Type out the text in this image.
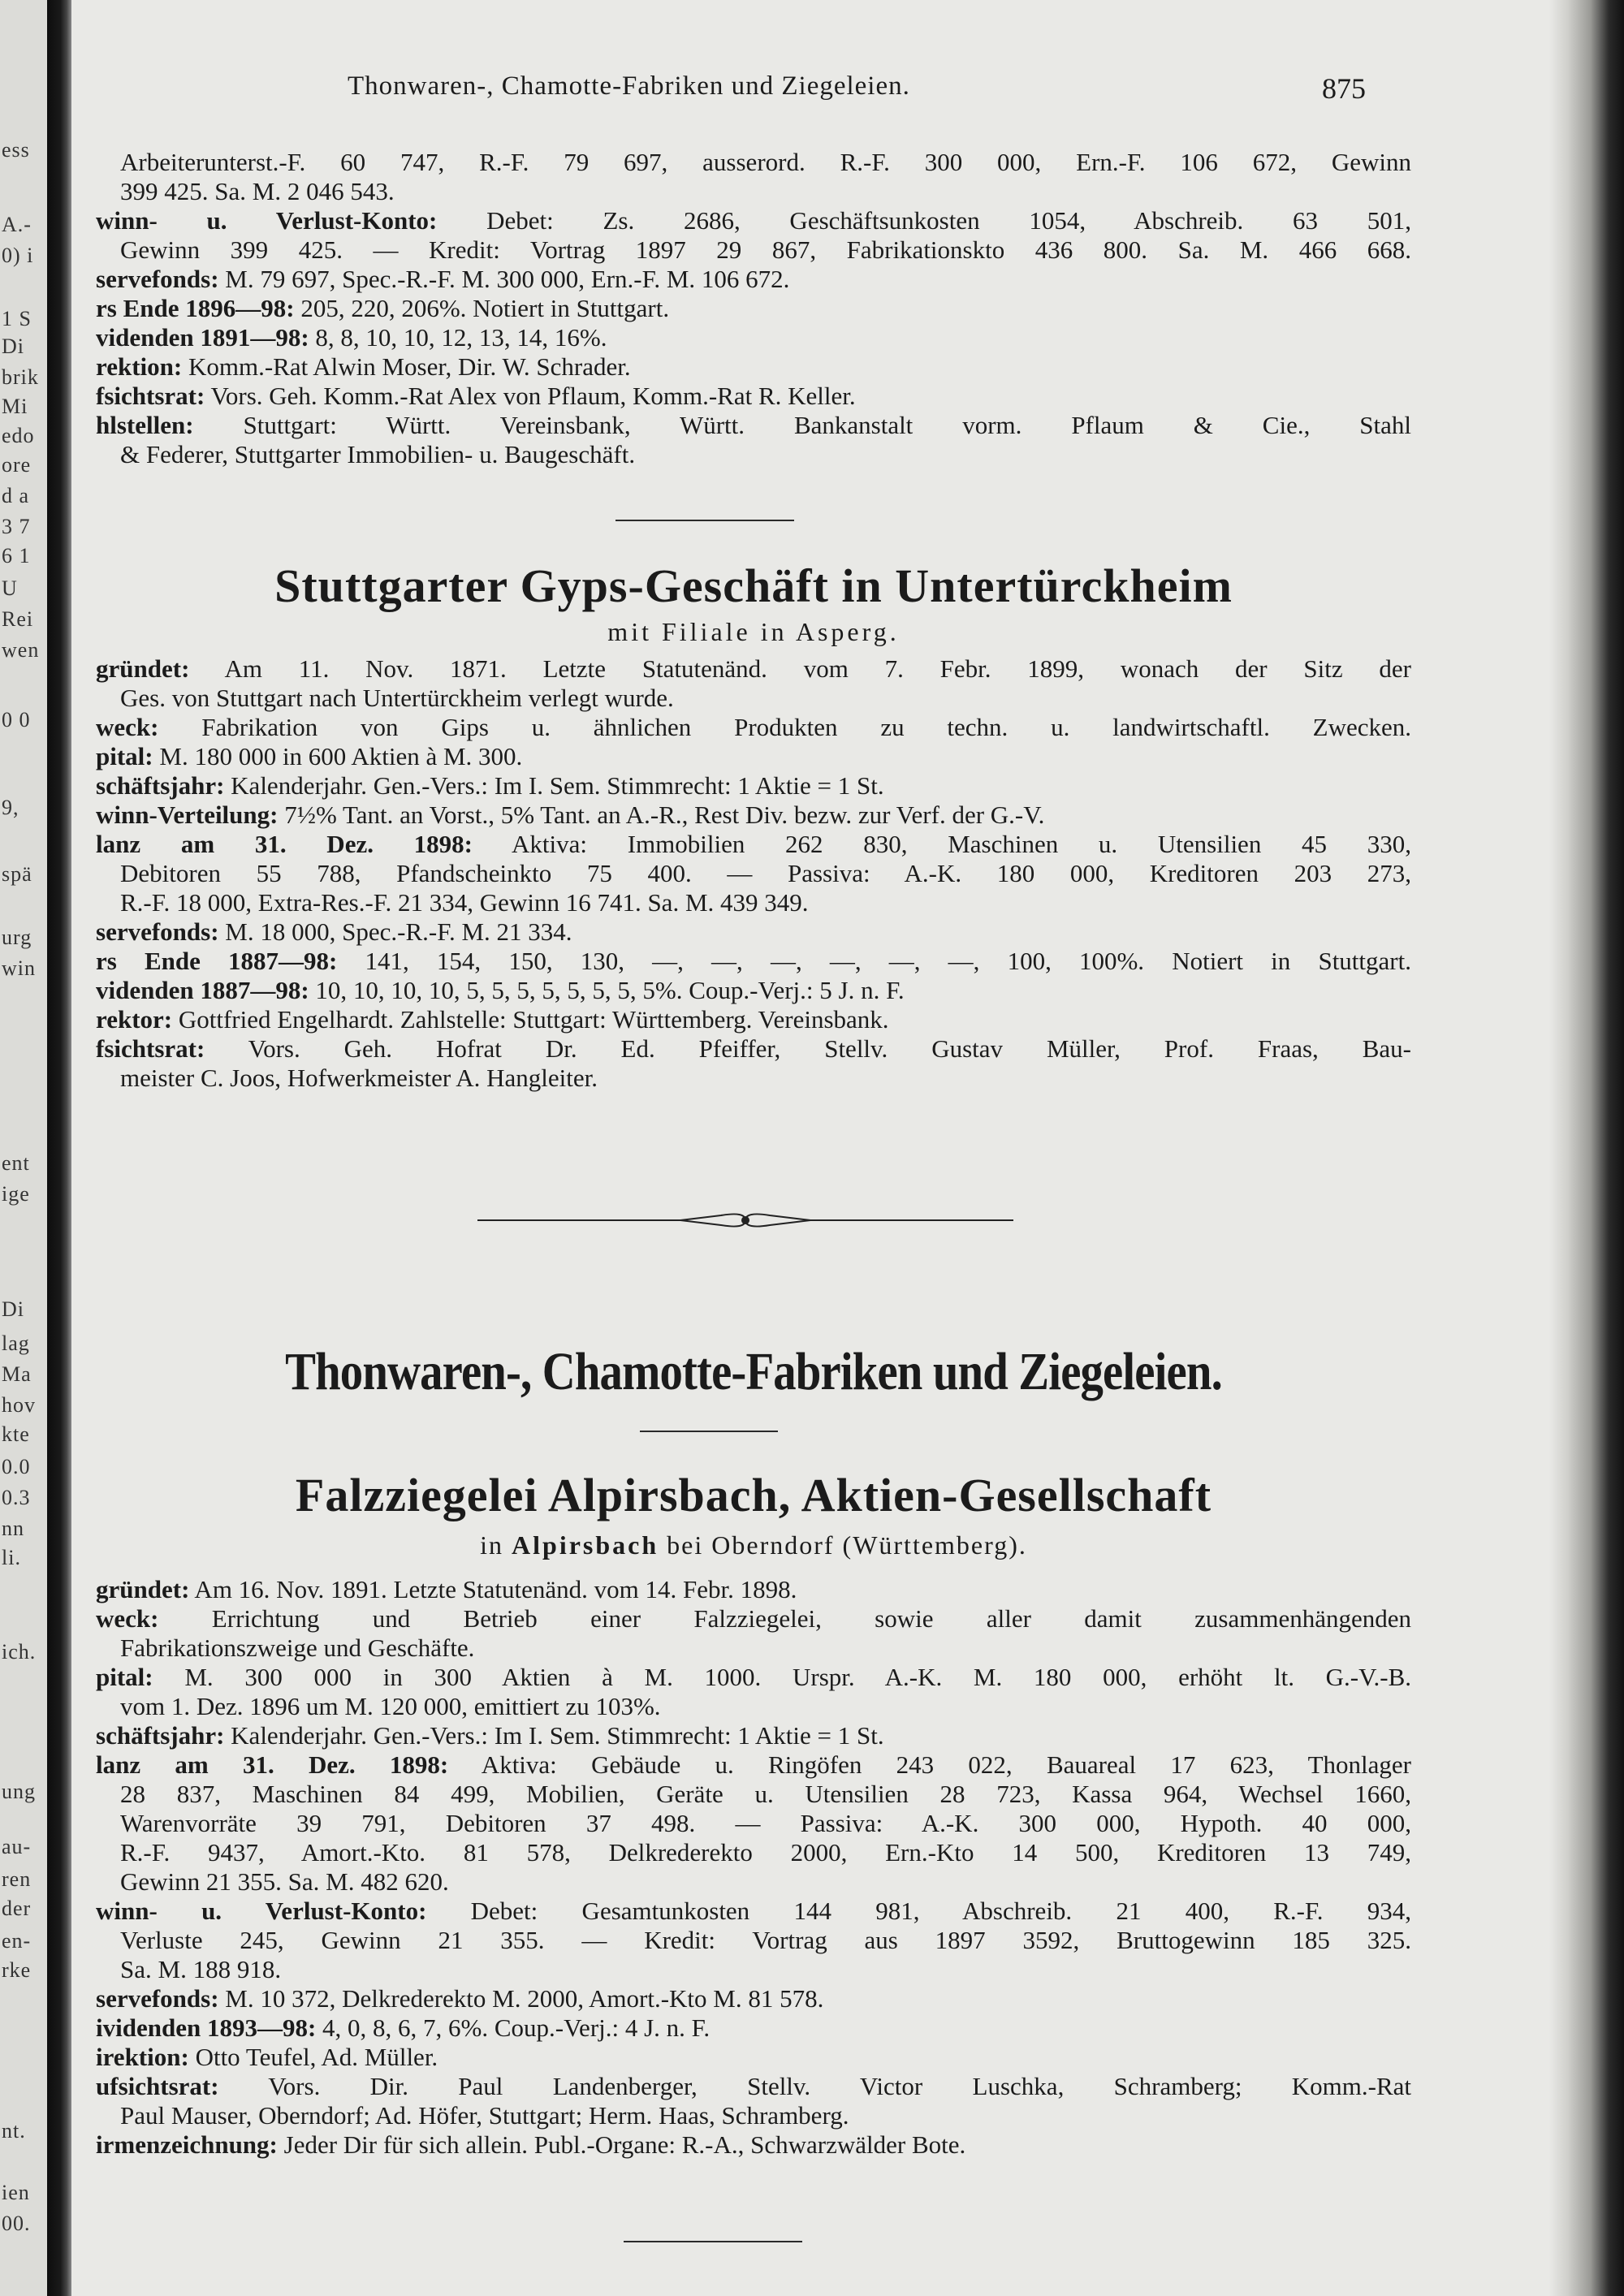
ess
A.-
0) i
1 S
Di
brik
Mi
edo
ore
d a
3 7
6 1
U
Rei
wen
0 0
9,
spä
urg
win
ent
ige
Di
lag
Ma
hov
kte
0.0
0.3
nn
li.
ich.
ung
au-
ren
der
en-
rke
nt.
ien
00.
Thonwaren-, Chamotte-Fabriken und Ziegeleien.	875
Arbeiterunterst.-F. 60 747, R.-F. 79 697, ausserord. R.-F. 300 000, Ern.-F. 106 672, Gewinn
399 425. Sa. M. 2 046 543.
winn- u. Verlust-Konto: Debet: Zs. 2686, Geschäftsunkosten 1054, Abschreib. 63 501,
Gewinn 399 425. — Kredit: Vortrag 1897 29 867, Fabrikationskto 436 800. Sa. M. 466 668.
servefonds: M. 79 697, Spec.-R.-F. M. 300 000, Ern.-F. M. 106 672.
rs Ende 1896—98: 205, 220, 206%. Notiert in Stuttgart.
videnden 1891—98: 8, 8, 10, 10, 12, 13, 14, 16%.
rektion: Komm.-Rat Alwin Moser, Dir. W. Schrader.
fsichtsrat: Vors. Geh. Komm.-Rat Alex von Pflaum, Komm.-Rat R. Keller.
hlstellen: Stuttgart: Württ. Vereinsbank, Württ. Bankanstalt vorm. Pflaum & Cie., Stahl
& Federer, Stuttgarter Immobilien- u. Baugeschäft.
Stuttgarter Gyps-Geschäft in Untertürckheim
mit Filiale in Asperg.
gründet: Am 11. Nov. 1871. Letzte Statutenänd. vom 7. Febr. 1899, wonach der Sitz der
Ges. von Stuttgart nach Untertürckheim verlegt wurde.
weck: Fabrikation von Gips u. ähnlichen Produkten zu techn. u. landwirtschaftl. Zwecken.
pital: M. 180 000 in 600 Aktien à M. 300.
schäftsjahr: Kalenderjahr. Gen.-Vers.: Im I. Sem. Stimmrecht: 1 Aktie = 1 St.
winn-Verteilung: 7½% Tant. an Vorst., 5% Tant. an A.-R., Rest Div. bezw. zur Verf. der G.-V.
lanz am 31. Dez. 1898: Aktiva: Immobilien 262 830, Maschinen u. Utensilien 45 330,
Debitoren 55 788, Pfandscheinkto 75 400. — Passiva: A.-K. 180 000, Kreditoren 203 273,
R.-F. 18 000, Extra-Res.-F. 21 334, Gewinn 16 741. Sa. M. 439 349.
servefonds: M. 18 000, Spec.-R.-F. M. 21 334.
rs Ende 1887—98: 141, 154, 150, 130, —, —, —, —, —, —, 100, 100%. Notiert in Stuttgart.
videnden 1887—98: 10, 10, 10, 10, 5, 5, 5, 5, 5, 5, 5, 5%. Coup.-Verj.: 5 J. n. F.
rektor: Gottfried Engelhardt. Zahlstelle: Stuttgart: Württemberg. Vereinsbank.
fsichtsrat: Vors. Geh. Hofrat Dr. Ed. Pfeiffer, Stellv. Gustav Müller, Prof. Fraas, Bau-
meister C. Joos, Hofwerkmeister A. Hangleiter.
Thonwaren-, Chamotte-Fabriken und Ziegeleien.
Falzziegelei Alpirsbach, Aktien-Gesellschaft
in Alpirsbach bei Oberndorf (Württemberg).
gründet: Am 16. Nov. 1891. Letzte Statutenänd. vom 14. Febr. 1898.
weck: Errichtung und Betrieb einer Falzziegelei, sowie aller damit zusammenhängenden
Fabrikationszweige und Geschäfte.
pital: M. 300 000 in 300 Aktien à M. 1000. Urspr. A.-K. M. 180 000, erhöht lt. G.-V.-B.
vom 1. Dez. 1896 um M. 120 000, emittiert zu 103%.
schäftsjahr: Kalenderjahr. Gen.-Vers.: Im I. Sem. Stimmrecht: 1 Aktie = 1 St.
lanz am 31. Dez. 1898: Aktiva: Gebäude u. Ringöfen 243 022, Bauareal 17 623, Thonlager
28 837, Maschinen 84 499, Mobilien, Geräte u. Utensilien 28 723, Kassa 964, Wechsel 1660,
Warenvorräte 39 791, Debitoren 37 498. — Passiva: A.-K. 300 000, Hypoth. 40 000,
R.-F. 9437, Amort.-Kto. 81 578, Delkrederekto 2000, Ern.-Kto 14 500, Kreditoren 13 749,
Gewinn 21 355. Sa. M. 482 620.
winn- u. Verlust-Konto: Debet: Gesamtunkosten 144 981, Abschreib. 21 400, R.-F. 934,
Verluste 245, Gewinn 21 355. — Kredit: Vortrag aus 1897 3592, Bruttogewinn 185 325.
Sa. M. 188 918.
servefonds: M. 10 372, Delkrederekto M. 2000, Amort.-Kto M. 81 578.
ividenden 1893—98: 4, 0, 8, 6, 7, 6%. Coup.-Verj.: 4 J. n. F.
irektion: Otto Teufel, Ad. Müller.
ufsichtsrat: Vors. Dir. Paul Landenberger, Stellv. Victor Luschka, Schramberg; Komm.-Rat
Paul Mauser, Oberndorf; Ad. Höfer, Stuttgart; Herm. Haas, Schramberg.
irmenzeichnung: Jeder Dir für sich allein. Publ.-Organe: R.-A., Schwarzwälder Bote.
